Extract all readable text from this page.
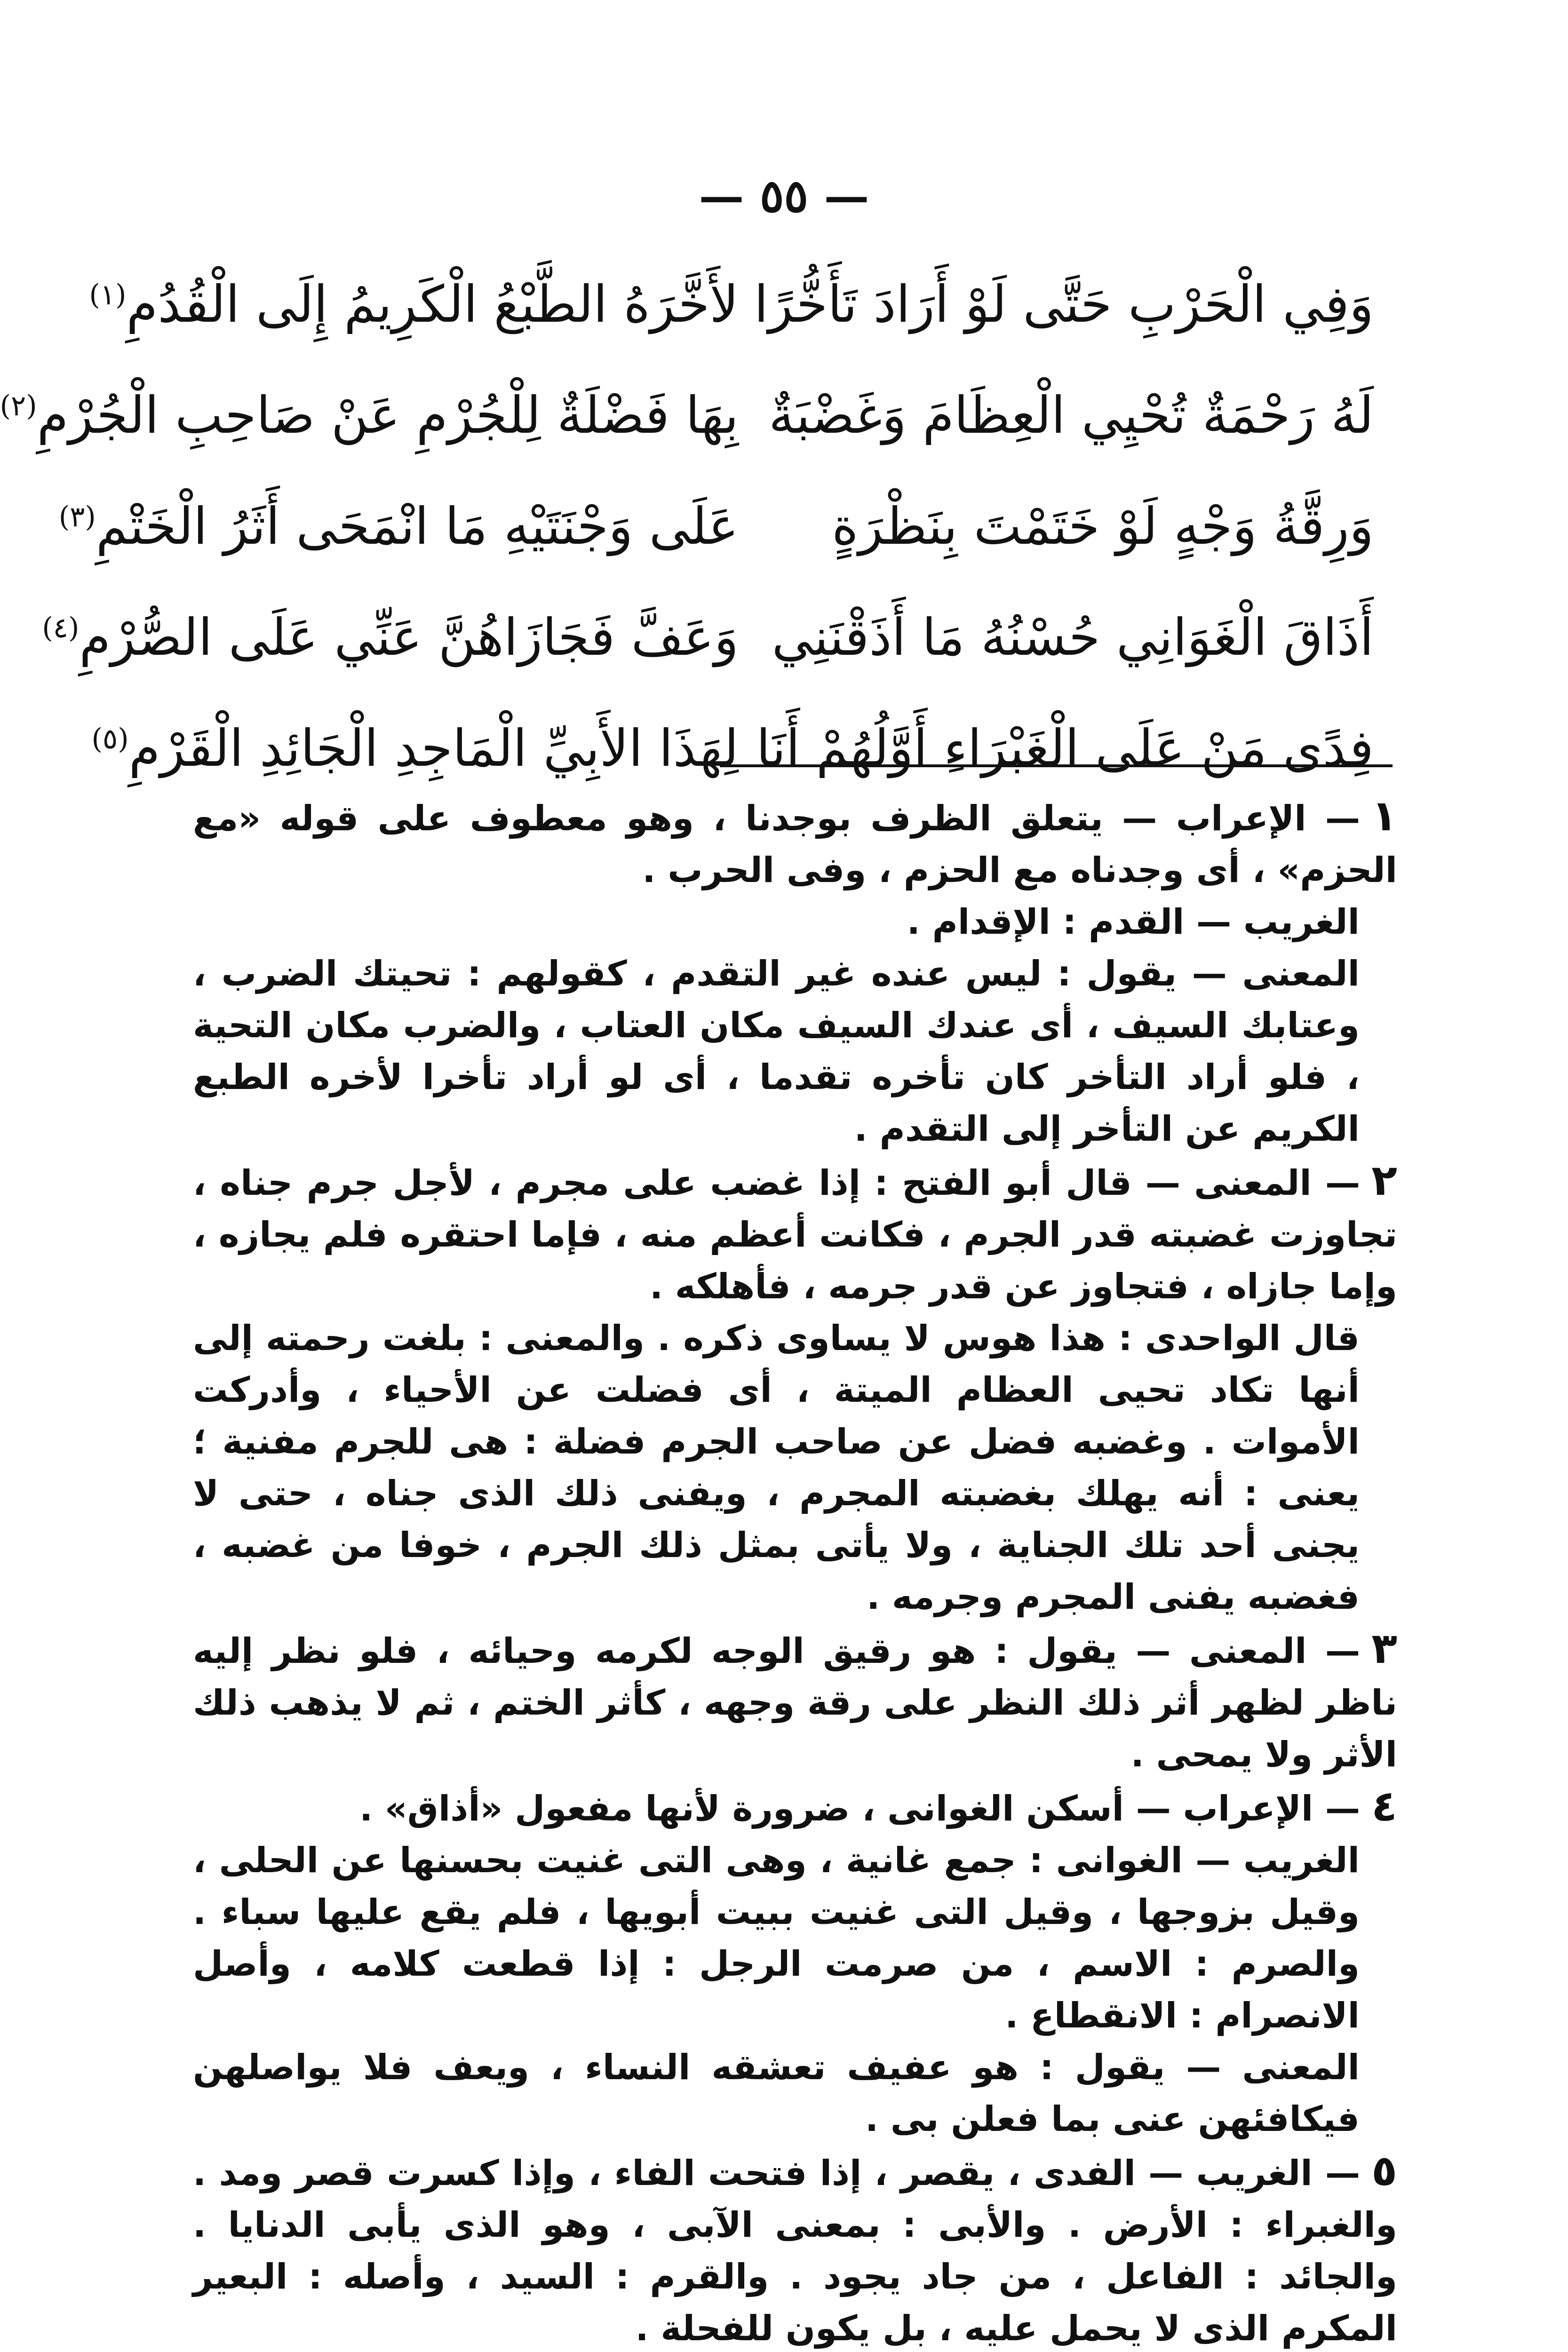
— ٥٥ —
وَفِي الْحَرْبِ حَتَّى لَوْ أَرَادَ تَأَخُّرًا
لأَخَّرَهُ الطَّبْعُ الْكَرِيمُ إِلَى الْقُدُمِ$^{(١)}$
لَهُ رَحْمَةٌ تُحْيِي الْعِظَامَ وَغَضْبَةٌ
بِهَا فَضْلَةٌ لِلْجُرْمِ عَنْ صَاحِبِ الْجُرْمِ$^{(٢)}$
وَرِقَّةُ وَجْهٍ لَوْ خَتَمْتَ بِنَظْرَةٍ
عَلَى وَجْنَتَيْهِ مَا انْمَحَى أَثَرُ الْخَتْمِ$^{(٣)}$
أَذَاقَ الْغَوَانِي حُسْنُهُ مَا أَذَقْنَنِي
وَعَفَّ فَجَازَاهُنَّ عَنِّي عَلَى الصُّرْمِ$^{(٤)}$
فِدًى مَنْ عَلَى الْغَبْرَاءِ أَوَّلُهُمْ أَنَا
لِهَذَا الأَبِيِّ الْمَاجِدِ الْجَائِدِ الْقَرْمِ$^{(٥)}$

١— الإعراب — يتعلق الظرف بوجدنا ، وهو معطوف على قوله «مع الحزم» ، أى وجدناه مع الحزم ، وفى الحرب .

الغريب — القدم : الإقدام .

المعنى — يقول : ليس عنده غير التقدم ، كقولهم : تحيتك الضرب ، وعتابك السيف ، أى عندك السيف مكان العتاب ، والضرب مكان التحية ، فلو أراد التأخر كان تأخره تقدما ، أى لو أراد تأخرا لأخره الطبع الكريم عن التأخر إلى التقدم .

٢— المعنى — قال أبو الفتح : إذا غضب على مجرم ، لأجل جرم جناه ، تجاوزت غضبته قدر الجرم ، فكانت أعظم منه ، فإما احتقره فلم يجازه ، وإما جازاه ، فتجاوز عن قدر جرمه ، فأهلكه .

قال الواحدى : هذا هوس لا يساوى ذكره . والمعنى : بلغت رحمته إلى أنها تكاد تحيى العظام الميتة ، أى فضلت عن الأحياء ، وأدركت الأموات . وغضبه فضل عن صاحب الجرم فضلة : هى للجرم مفنية ؛ يعنى : أنه يهلك بغضبته المجرم ، ويفنى ذلك الذى جناه ، حتى لا يجنى أحد تلك الجناية ، ولا يأتى بمثل ذلك الجرم ، خوفا من غضبه ، فغضبه يفنى المجرم وجرمه .

٣— المعنى — يقول : هو رقيق الوجه لكرمه وحيائه ، فلو نظر إليه ناظر لظهر أثر ذلك النظر على رقة وجهه ، كأثر الختم ، ثم لا يذهب ذلك الأثر ولا يمحى .

٤— الإعراب — أسكن الغوانى ، ضرورة لأنها مفعول «أذاق» .

الغريب — الغوانى : جمع غانية ، وهى التى غنيت بحسنها عن الحلى ، وقيل بزوجها ، وقيل التى غنيت ببيت أبويها ، فلم يقع عليها سباء . والصرم : الاسم ، من صرمت الرجل : إذا قطعت كلامه ، وأصل الانصرام : الانقطاع .

المعنى — يقول : هو عفيف تعشقه النساء ، ويعف فلا يواصلهن فيكافئهن عنى بما فعلن بى .

٥— الغريب — الفدى ، يقصر ، إذا فتحت الفاء ، وإذا كسرت قصر ومد . والغبراء : الأرض . والأبى : بمعنى الآبى ، وهو الذى يأبى الدنايا . والجائد : الفاعل ، من جاد يجود . والقرم : السيد ، وأصله : البعير المكرم الذى لا يحمل عليه ، بل يكون للفحلة .
